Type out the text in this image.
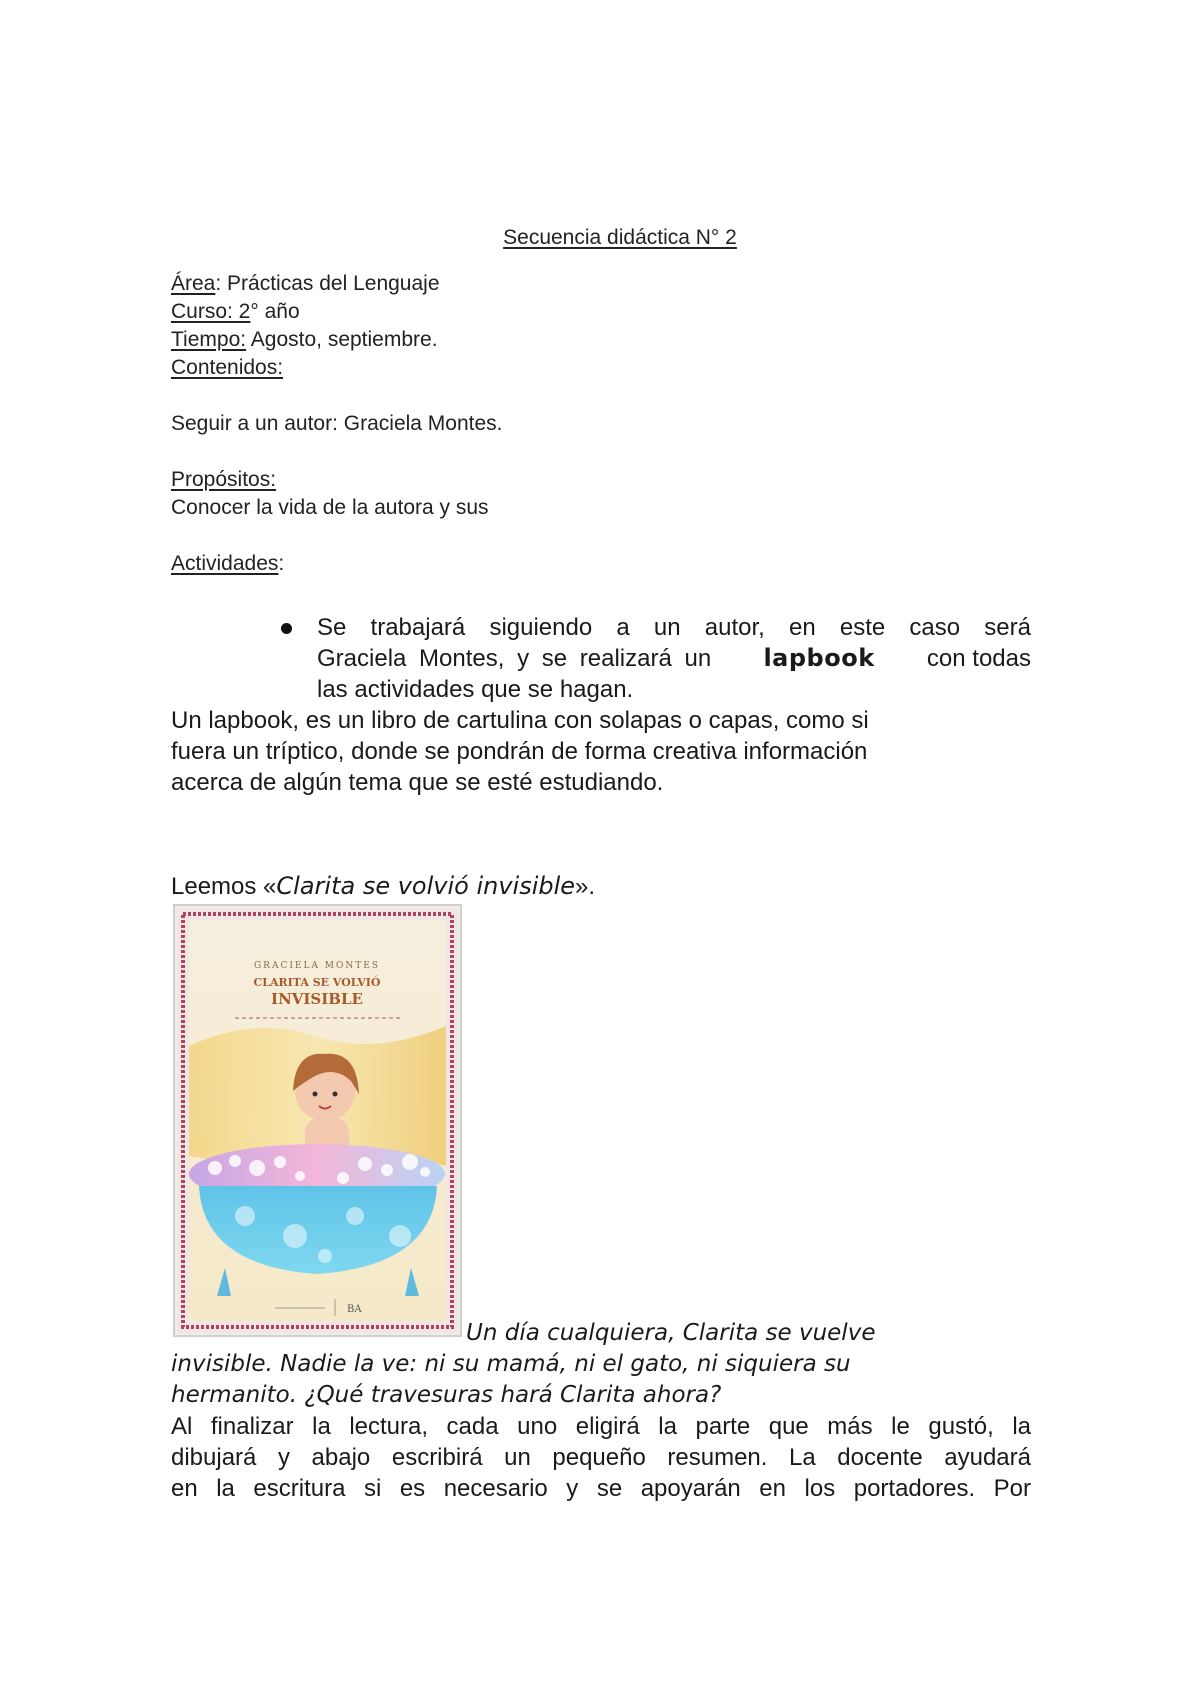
Secuencia didáctica N° 2
Área: Prácticas del Lenguaje
Curso: 2° año
Tiempo: Agosto, septiembre.
Contenidos:
Seguir a un autor: Graciela Montes.
Propósitos:
Conocer la vida de la autora y sus
Actividades:
Se trabajará siguiendo a un autor, en este caso será
Graciela Montes, y se realizará un lapbook con todas
las actividades que se hagan.
Un lapbook, es un libro de cartulina con solapas o capas, como si
fuera un tríptico, donde se pondrán de forma creativa información
acerca de algún tema que se esté estudiando.
Leemos «Clarita se volvió invisible».
GRACIELA MONTES
CLARITA SE VOLVIÓ
INVISIBLE
BA
Un día cualquiera, Clarita se vuelve
invisible. Nadie la ve: ni su mamá, ni el gato, ni siquiera su
hermanito. ¿Qué travesuras hará Clarita ahora?
Al finalizar la lectura, cada uno eligirá la parte que más le gustó, la
dibujará y abajo escribirá un pequeño resumen. La docente ayudará
en la escritura si es necesario y se apoyarán en los portadores. Por
